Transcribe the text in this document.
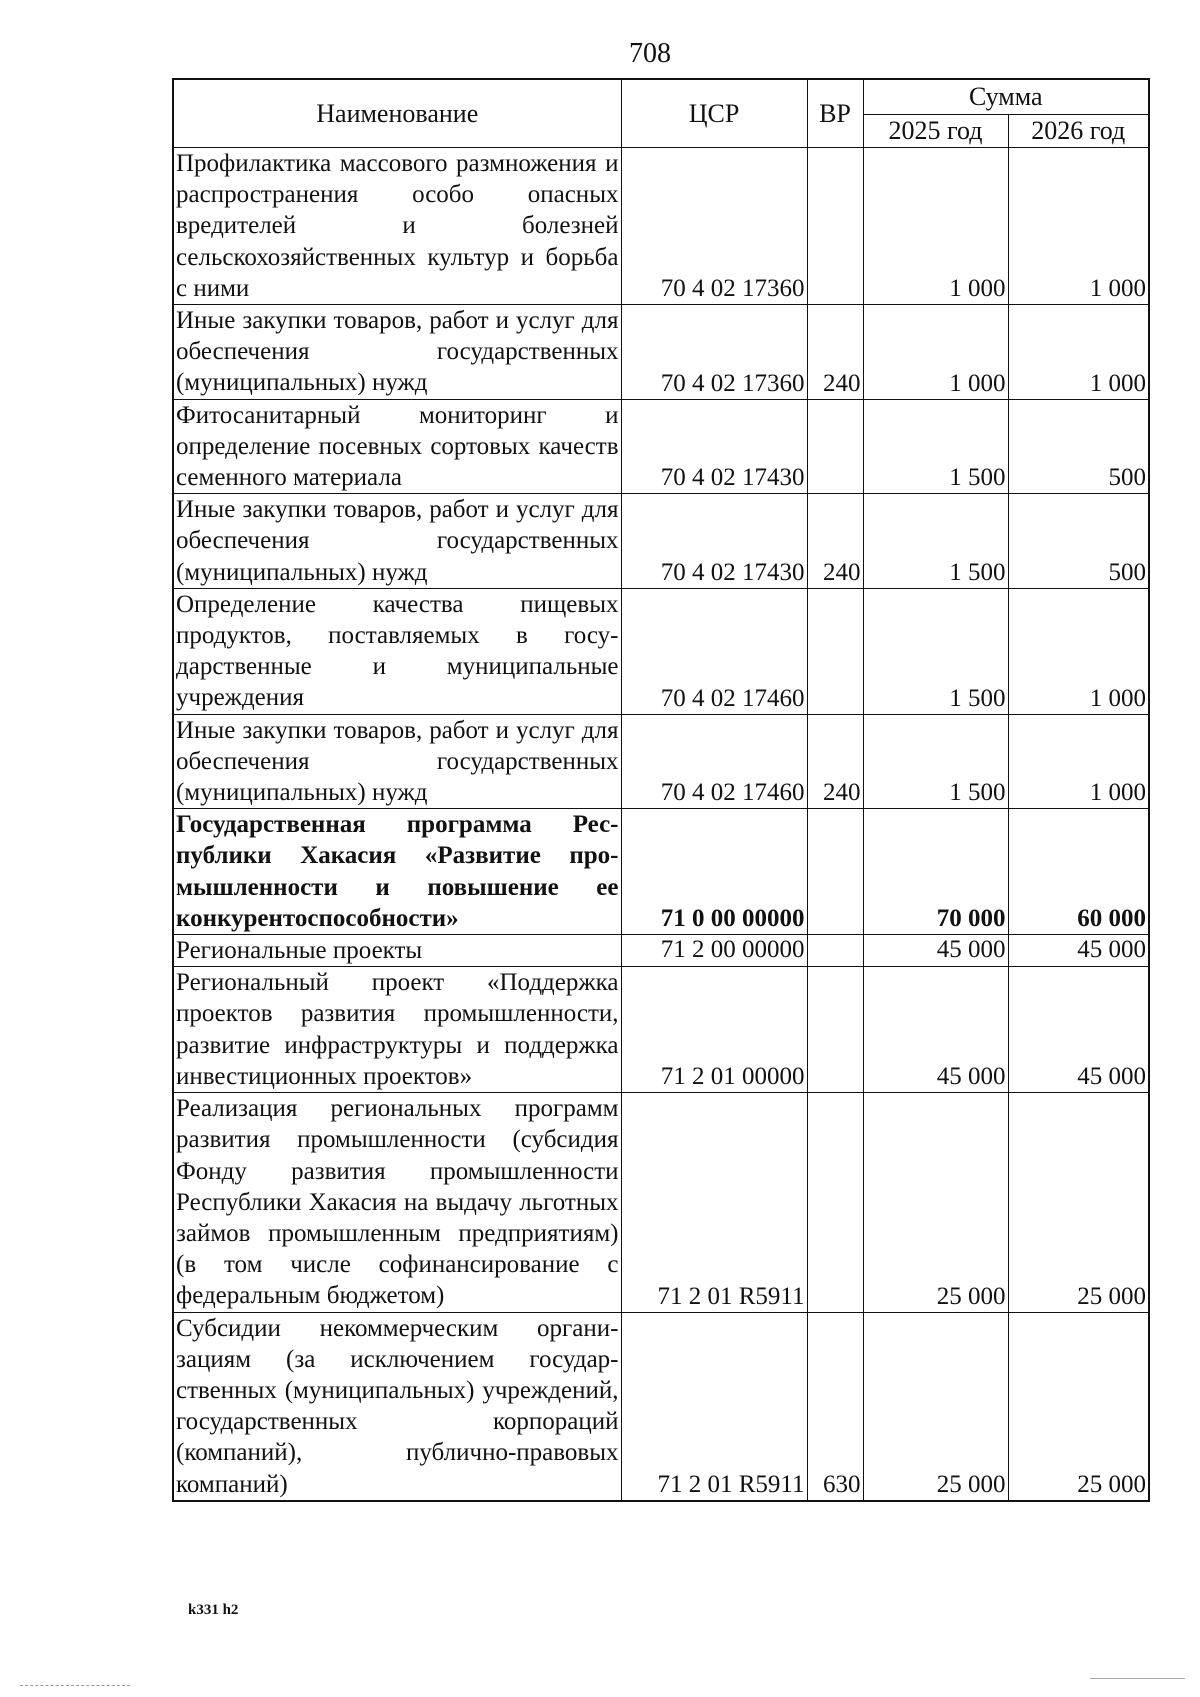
708
Наименование	ЦСР	ВР	Сумма	
			2025 год	2026 год
Профилактика массового размножения и распространения особо опасных вредителей и болезней сельскохозяйственных культур и борьба с ними	70 4 02 17360		1 000	1 000
Иные закупки товаров, работ и услуг для обеспечения государственных (муниципальных) нужд	70 4 02 17360	240	1 000	1 000
Фитосанитарный мониторинг и определение посевных сортовых качеств семенного материала	70 4 02 17430		1 500	500
Иные закупки товаров, работ и услуг для обеспечения государственных (муниципальных) нужд	70 4 02 17430	240	1 500	500
Определение качества пищевых продуктов, поставляемых в государственные и муниципальные учреждения	70 4 02 17460		1 500	1 000
Иные закупки товаров, работ и услуг для обеспечения государственных (муниципальных) нужд	70 4 02 17460	240	1 500	1 000
Государственная программа Республики Хакасия «Развитие промышленности и повышение ее конкурентоспособности»	71 0 00 00000		70 000	60 000
Региональные проекты	71 2 00 00000		45 000	45 000
Региональный проект «Поддержка проектов развития промышленности, развитие инфраструктуры и поддержка инвестиционных проектов»	71 2 01 00000		45 000	45 000
Реализация региональных программ развития промышленности (субсидия Фонду развития промышленности Республики Хакасия на выдачу льготных займов промышленным предприятиям) (в том числе софинансирование с федеральным бюджетом)	71 2 01 R5911		25 000	25 000
Субсидии некоммерческим организациям (за исключением государственных (муниципальных) учреждений, государственных корпораций (компаний), публично-правовых компаний)	71 2 01 R5911	630	25 000	25 000
k331 h2
